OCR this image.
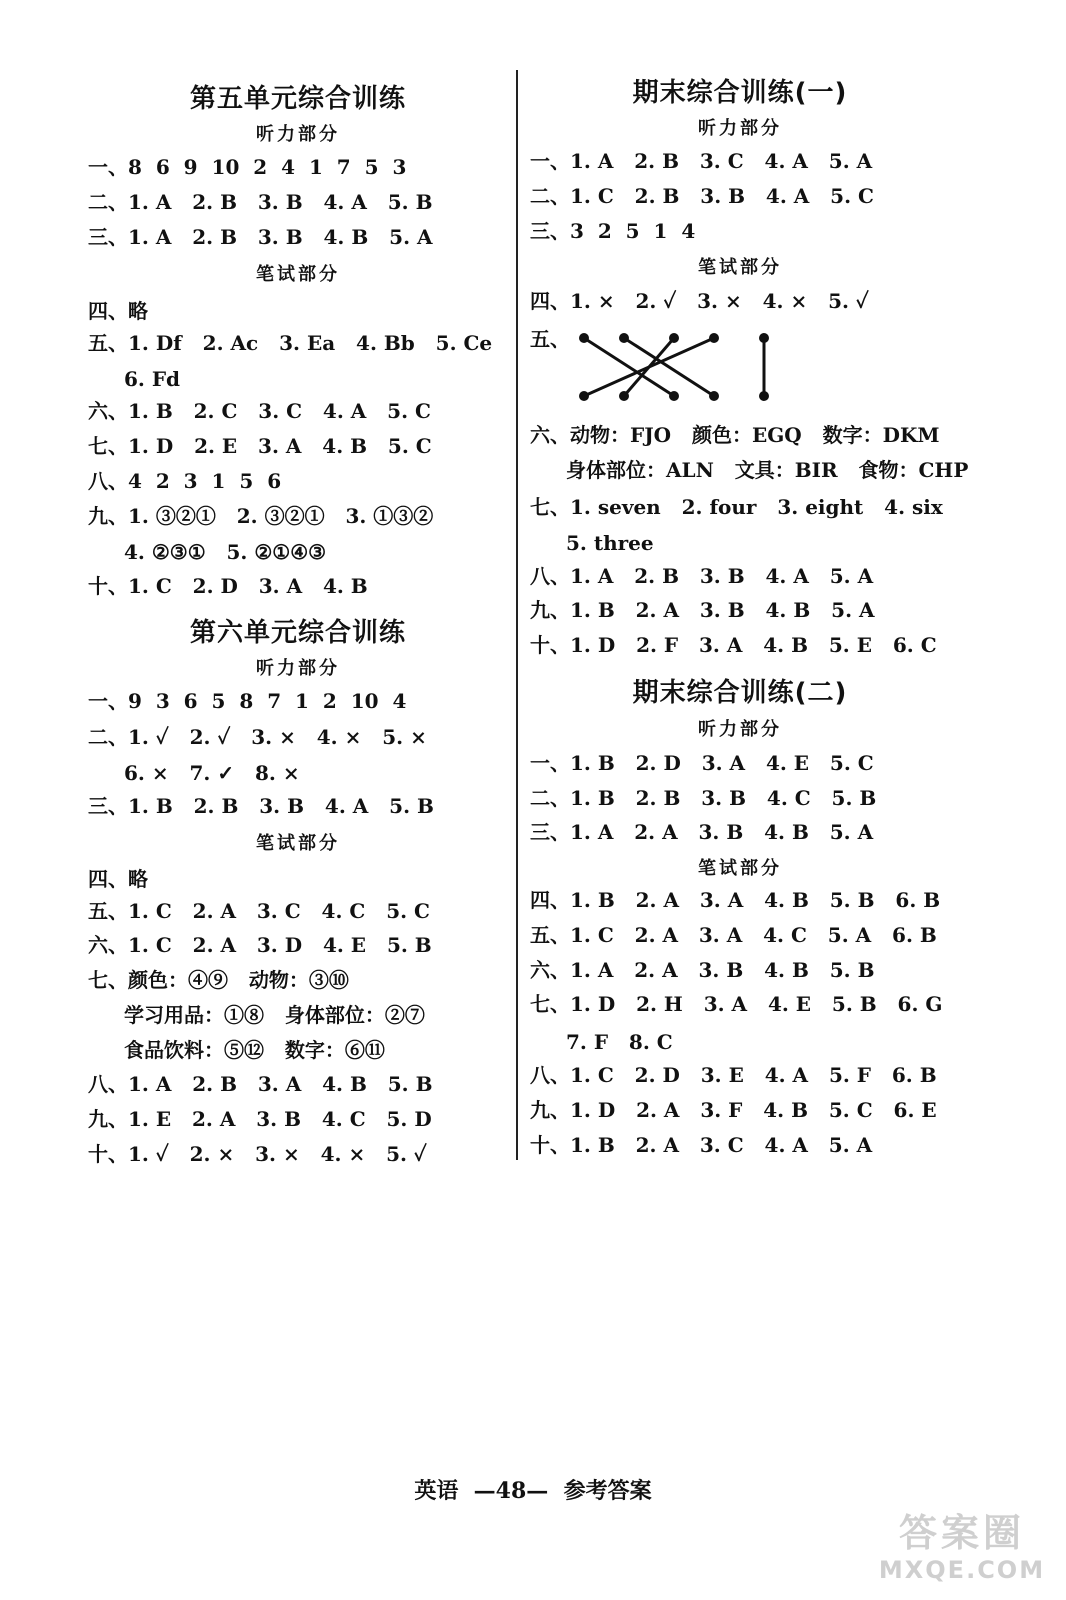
第五单元综合训练
听力部分
一、8  6  9  10  2  4  1  7  5  3
二、1. A   2. B   3. B   4. A   5. B
三、1. A   2. B   3. B   4. B   5. A
笔试部分
四、略
五、1. Df   2. Ac   3. Ea   4. Bb   5. Ce
6. Fd
六、1. B   2. C   3. C   4. A   5. C
七、1. D   2. E   3. A   4. B   5. C
八、4  2  3  1  5  6
九、1. ③②①   2. ③②①   3. ①③②
4. ②③①   5. ②①④③
十、1. C   2. D   3. A   4. B
第六单元综合训练
听力部分
一、9  3  6  5  8  7  1  2  10  4
二、1. ✓   2. ✓   3. ×   4. ×   5. ×
6. ×   7. ✓   8. ×
三、1. B   2. B   3. B   4. A   5. B
笔试部分
四、略
五、1. C   2. A   3. C   4. C   5. C
六、1. C   2. A   3. D   4. E   5. B
七、颜色：④⑨   动物：③⑩
学习用品：①⑧   身体部位：②⑦
食品饮料：⑤⑫   数字：⑥⑪
八、1. A   2. B   3. A   4. B   5. B
九、1. E   2. A   3. B   4. C   5. D
十、1. ✓   2. ×   3. ×   4. ×   5. ✓
期末综合训练(一)
听力部分
一、1. A   2. B   3. C   4. A   5. A
二、1. C   2. B   3. B   4. A   5. C
三、3  2  5  1  4
笔试部分
四、1. ×   2. ✓   3. ×   4. ×   5. ✓
五、
六、动物：FJO   颜色：EGQ   数字：DKM
身体部位：ALN   文具：BIR   食物：CHP
七、1. seven   2. four   3. eight   4. six
5. three
八、1. A   2. B   3. B   4. A   5. A
九、1. B   2. A   3. B   4. B   5. A
十、1. D   2. F   3. A   4. B   5. E   6. C
期末综合训练(二)
听力部分
一、1. B   2. D   3. A   4. E   5. C
二、1. B   2. B   3. B   4. C   5. B
三、1. A   2. A   3. B   4. B   5. A
笔试部分
四、1. B   2. A   3. A   4. B   5. B   6. B
五、1. C   2. A   3. A   4. C   5. A   6. B
六、1. A   2. A   3. B   4. B   5. B
七、1. D   2. H   3. A   4. E   5. B   6. G
7. F   8. C
八、1. C   2. D   3. E   4. A   5. F   6. B
九、1. D   2. A   3. F   4. B   5. C   6. E
十、1. B   2. A   3. C   4. A   5. A
英语  —48—  参考答案
答案圈
MXQE.COM
